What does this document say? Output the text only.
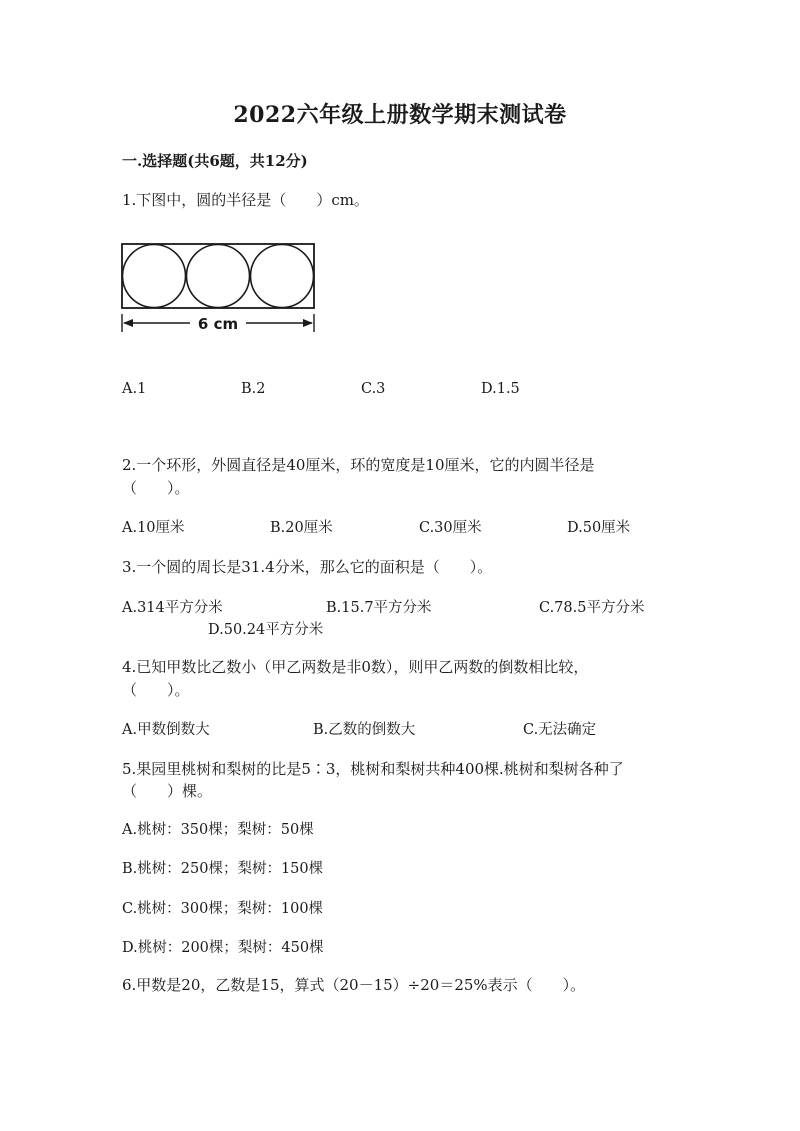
2022六年级上册数学期末测试卷
一.选择题(共6题，共12分)
1.下图中，圆的半径是（　　）cm。
6 cm
A.1	B.2	C.3	D.1.5
2.一个环形，外圆直径是40厘米，环的宽度是10厘米，它的内圆半径是
（　　）。
A.10厘米	B.20厘米	C.30厘米	D.50厘米
3.一个圆的周长是31.4分米，那么它的面积是（　　）。
A.314平方分米	B.15.7平方分米	C.78.5平方分米
D.50.24平方分米
4.已知甲数比乙数小（甲乙两数是非0数），则甲乙两数的倒数相比较，
（　　）。
A.甲数倒数大	B.乙数的倒数大	C.无法确定
5.果园里桃树和梨树的比是5∶3，桃树和梨树共种400棵.桃树和梨树各种了
（　　）棵。
A.桃树：350棵；梨树：50棵
B.桃树：250棵；梨树：150棵
C.桃树：300棵；梨树：100棵
D.桃树：200棵；梨树：450棵
6.甲数是20，乙数是15，算式（20－15）÷20＝25%表示（　　）。
